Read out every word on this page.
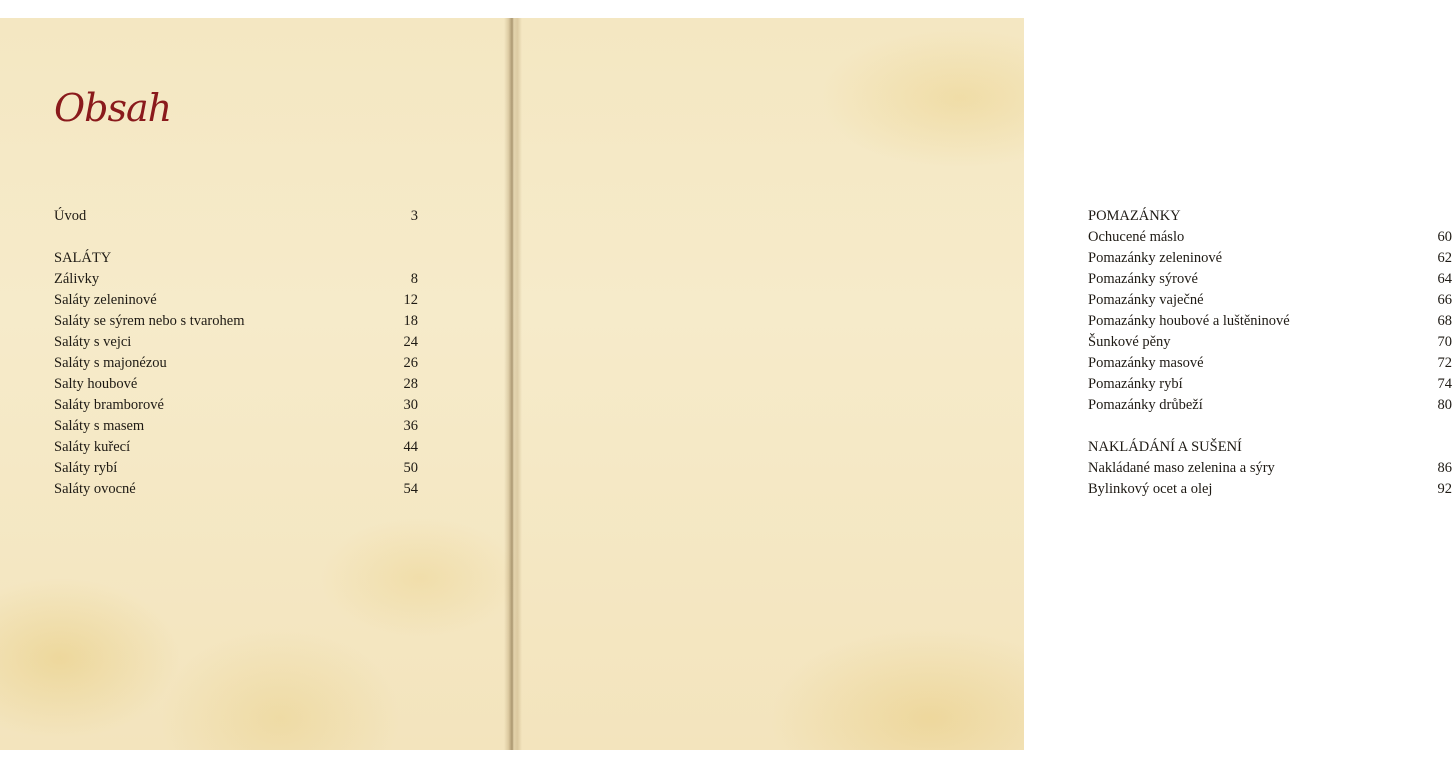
Obsah
Úvod	3
SALÁTY
Zálivky	8
Saláty zeleninové	12
Saláty se sýrem nebo s tvarohem	18
Saláty s vejci	24
Saláty s majonézou	26
Salty houbové	28
Saláty bramborové	30
Saláty s masem	36
Saláty kuřecí	44
Saláty rybí	50
Saláty ovocné	54
POMAZÁNKY
Ochucené máslo	60
Pomazánky zeleninové	62
Pomazánky sýrové	64
Pomazánky vaječné	66
Pomazánky houbové a luštěninové	68
Šunkové pěny	70
Pomazánky masové	72
Pomazánky rybí	74
Pomazánky drůbeží	80
NAKLÁDÁNÍ A SUŠENÍ
Nakládané maso zelenina a sýry	86
Bylinkový ocet a olej	92
